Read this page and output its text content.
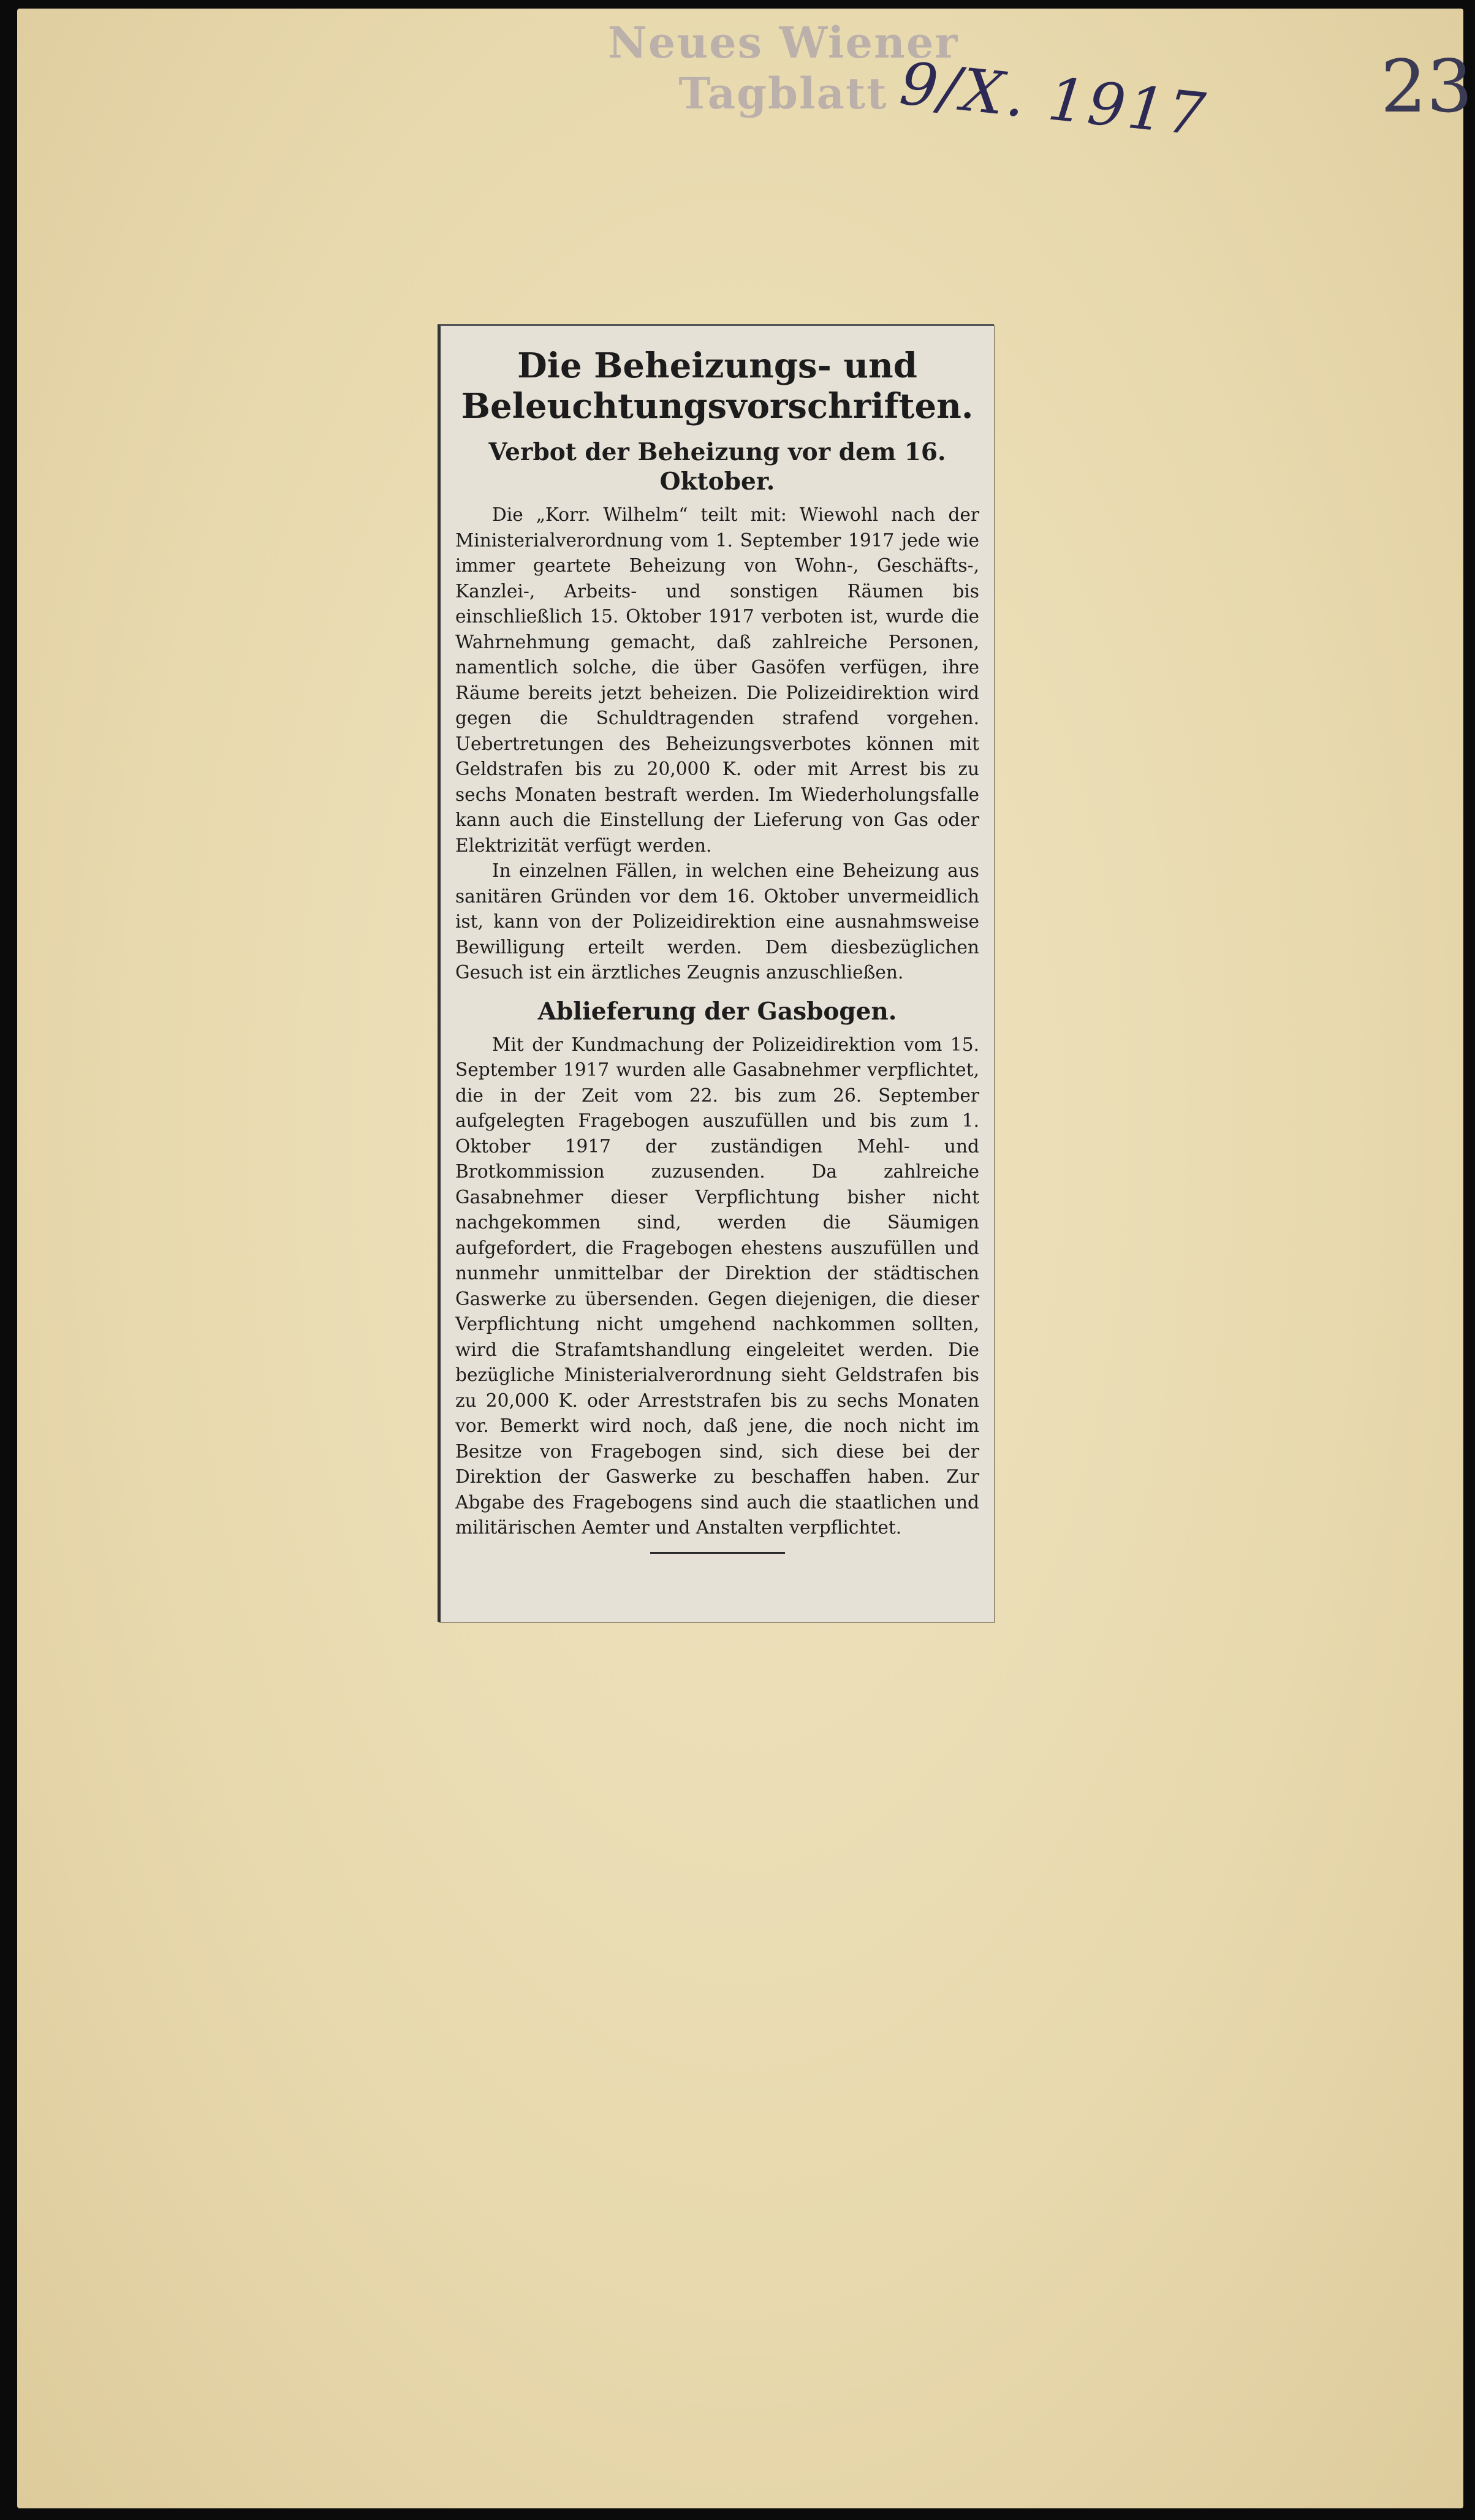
Neues Wiener Tagblatt 9/X. 1917 23
Die Beheizungs- und Beleuchtungsvorschriften.
Verbot der Beheizung vor dem 16. Oktober.

Die „Korr. Wilhelm“ teilt mit: Wiewohl nach der Ministerialverordnung vom 1. September 1917 jede wie immer geartete Beheizung von Wohn-, Geschäfts-, Kanzlei-, Arbeits- und sonstigen Räumen bis einschließlich 15. Oktober 1917 verboten ist, wurde die Wahrnehmung gemacht, daß zahlreiche Personen, namentlich solche, die über Gasöfen verfügen, ihre Räume bereits jetzt beheizen. Die Polizeidirektion wird gegen die Schuldtragenden strafend vorgehen. Uebertretungen des Beheizungsverbotes können mit Geldstrafen bis zu 20,000 K. oder mit Arrest bis zu sechs Monaten bestraft werden. Im Wiederholungsfalle kann auch die Einstellung der Lieferung von Gas oder Elektrizität verfügt werden.

In einzelnen Fällen, in welchen eine Beheizung aus sanitären Gründen vor dem 16. Oktober unvermeidlich ist, kann von der Polizeidirektion eine ausnahmsweise Bewilligung erteilt werden. Dem diesbezüglichen Gesuch ist ein ärztliches Zeugnis anzuschließen.

Ablieferung der Gasbogen.

Mit der Kundmachung der Polizeidirektion vom 15. September 1917 wurden alle Gasabnehmer verpflichtet, die in der Zeit vom 22. bis zum 26. September aufgelegten Fragebogen auszufüllen und bis zum 1. Oktober 1917 der zuständigen Mehl- und Brotkommission zuzusenden. Da zahlreiche Gasabnehmer dieser Verpflichtung bisher nicht nachgekommen sind, werden die Säumigen aufgefordert, die Fragebogen ehestens auszufüllen und nunmehr unmittelbar der Direktion der städtischen Gaswerke zu übersenden. Gegen diejenigen, die dieser Verpflichtung nicht umgehend nachkommen sollten, wird die Strafamtshandlung eingeleitet werden. Die bezügliche Ministerialverordnung sieht Geldstrafen bis zu 20,000 K. oder Arreststrafen bis zu sechs Monaten vor. Bemerkt wird noch, daß jene, die noch nicht im Besitze von Fragebogen sind, sich diese bei der Direktion der Gaswerke zu beschaffen haben. Zur Abgabe des Fragebogens sind auch die staatlichen und militärischen Aemter und Anstalten verpflichtet.
